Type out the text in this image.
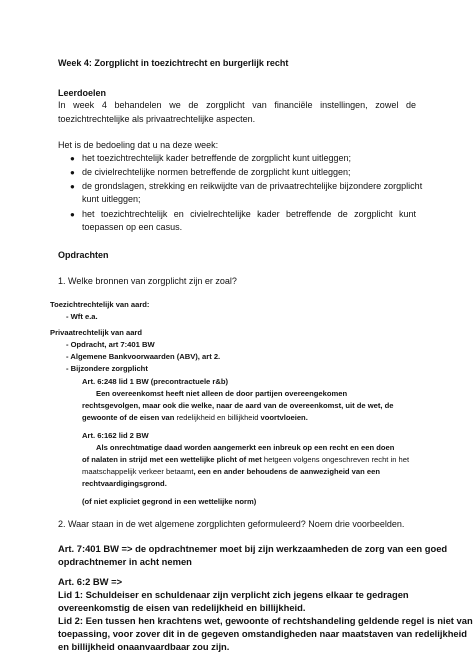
Week 4: Zorgplicht in toezichtrecht en burgerlijk recht
Leerdoelen
In week 4 behandelen we de zorgplicht van financiële instellingen, zowel de
toezichtrechtelijke als privaatrechtelijke aspecten.
Het is de bedoeling dat u na deze week:
● het toezichtrechtelijk kader betreffende de zorgplicht kunt uitleggen;
● de civielrechtelijke normen betreffende de zorgplicht kunt uitleggen;
● de grondslagen, strekking en reikwijdte van de privaatrechtelijke bijzondere zorgplicht
kunt uitleggen;
● het toezichtrechtelijk en civielrechtelijke kader betreffende de zorgplicht kunt
toepassen op een casus.
Opdrachten
1. Welke bronnen van zorgplicht zijn er zoal?
Toezichtrechtelijk van aard:
- Wft e.a.
Privaatrechtelijk van aard
- Opdracht, art 7:401 BW
- Algemene Bankvoorwaarden (ABV), art 2.
- Bijzondere zorgplicht
Art. 6:248 lid 1 BW (precontractuele r&b)
Een overeenkomst heeft niet alleen de door partijen overeengekomen
rechtsgevolgen, maar ook die welke, naar de aard van de overeenkomst, uit de wet, de
gewoonte of de eisen van redelijkheid en billijkheid voortvloeien.
Art. 6:162 lid 2 BW
Als onrechtmatige daad worden aangemerkt een inbreuk op een recht en een doen
of nalaten in strijd met een wettelijke plicht of met hetgeen volgens ongeschreven recht in het
maatschappelijk verkeer betaamt, een en ander behoudens de aanwezigheid van een
rechtvaardigingsgrond.
(of niet expliciet gegrond in een wettelijke norm)
2. Waar staan in de wet algemene zorgplichten geformuleerd? Noem drie voorbeelden.
Art. 7:401 BW => de opdrachtnemer moet bij zijn werkzaamheden de zorg van een goed
opdrachtnemer in acht nemen
Art. 6:2 BW =>
Lid 1: Schuldeiser en schuldenaar zijn verplicht zich jegens elkaar te gedragen
overeenkomstig de eisen van redelijkheid en billijkheid.
Lid 2: Een tussen hen krachtens wet, gewoonte of rechtshandeling geldende regel is niet van
toepassing, voor zover dit in de gegeven omstandigheden naar maatstaven van redelijkheid
en billijkheid onaanvaardbaar zou zijn.
